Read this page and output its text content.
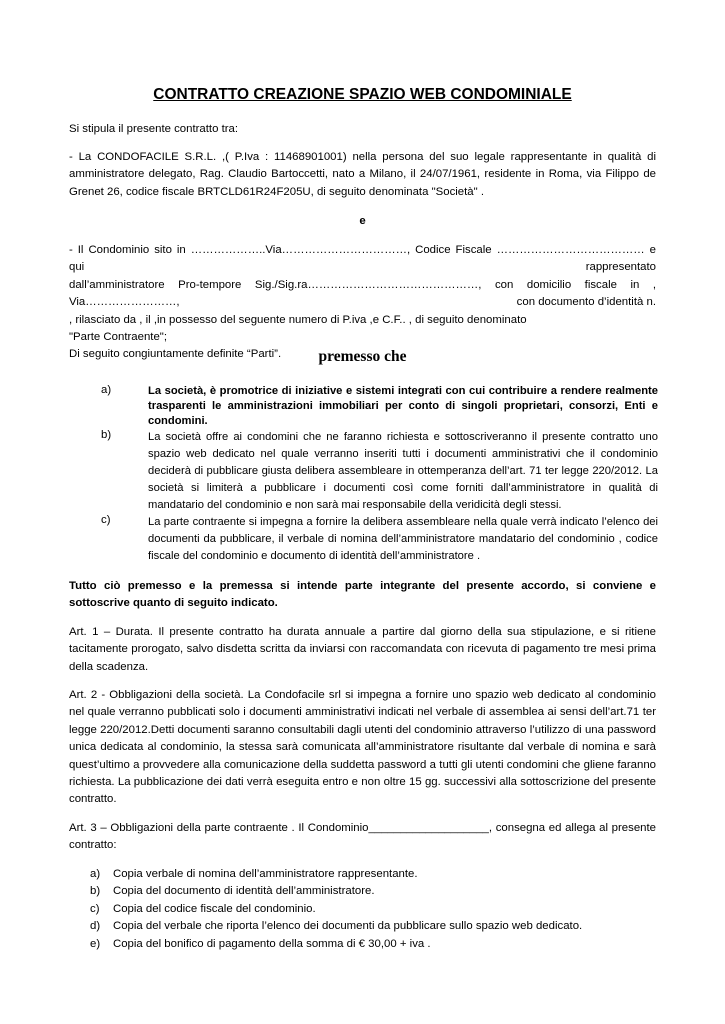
CONTRATTO CREAZIONE SPAZIO WEB CONDOMINIALE
Si stipula il presente contratto tra:
- La CONDOFACILE S.R.L. ,( P.Iva : 11468901001) nella persona del suo legale rappresentante in qualità di amministratore delegato, Rag. Claudio Bartoccetti, nato a Milano, il 24/07/1961, residente in Roma, via Filippo de Grenet 26, codice fiscale BRTCLD61R24F205U, di seguito denominata "Società" .
e
- Il Condominio sito in ………………..Via……………………………, Codice Fiscale ………………………………… e qui rappresentato
dall’amministratore Pro-tempore Sig./Sig.ra………………………………………, con domicilio fiscale in ,
Via……………………,	con documento d’identità n.
, rilasciato da , il ,in possesso del seguente numero di P.iva ,e C.F.. , di seguito denominato
"Parte Contraente";
Di seguito congiuntamente definite “Parti”.	premesso che
a)	La società, è promotrice di iniziative e sistemi integrati con cui contribuire a rendere realmente trasparenti le amministrazioni immobiliari per conto di singoli proprietari, consorzi, Enti e condomini.
b)	La società offre ai condomini che ne faranno richiesta e sottoscriveranno il presente contratto uno spazio web dedicato nel quale verranno inseriti tutti i documenti amministrativi che il condominio deciderà di pubblicare giusta delibera assembleare in ottemperanza dell’art. 71 ter legge 220/2012. La società si limiterà a pubblicare i documenti così come forniti dall’amministratore in qualità di mandatario del condominio e non sarà mai responsabile della veridicità degli stessi.
c)	La parte contraente si impegna a fornire la delibera assembleare nella quale verrà indicato l’elenco dei documenti da pubblicare, il verbale di nomina dell’amministratore mandatario del condominio , codice fiscale del condominio e documento di identità dell’amministratore .
Tutto ciò premesso e la premessa si intende parte integrante del presente accordo, si conviene e sottoscrive quanto di seguito indicato.
Art. 1 – Durata. Il presente contratto ha durata annuale a partire dal giorno della sua stipulazione, e si ritiene tacitamente prorogato, salvo disdetta scritta da inviarsi con raccomandata con ricevuta di pagamento tre mesi prima della scadenza.
Art. 2 - Obbligazioni della società. La Condofacile srl si impegna a fornire uno spazio web dedicato al condominio nel quale verranno pubblicati solo i documenti amministrativi indicati nel verbale di assemblea ai sensi dell’art.71 ter legge 220/2012.Detti documenti saranno consultabili dagli utenti del condominio attraverso l’utilizzo di una password unica dedicata al condominio, la stessa sarà comunicata all’amministratore risultante dal verbale di nomina e sarà quest’ultimo a provvedere alla comunicazione della suddetta password a tutti gli utenti condomini che gliene faranno richiesta. La pubblicazione dei dati verrà eseguita entro e non oltre 15 gg. successivi alla sottoscrizione del presente contratto.
Art. 3 – Obbligazioni della parte contraente . Il Condominio___________________, consegna ed allega al presente contratto:
a) Copia verbale di nomina dell’amministratore rappresentante.
b) Copia del documento di identità dell’amministratore.
c) Copia del codice fiscale del condominio.
d) Copia del verbale che riporta l’elenco dei documenti da pubblicare sullo spazio web dedicato.
e) Copia del bonifico di pagamento della somma di € 30,00 + iva .
